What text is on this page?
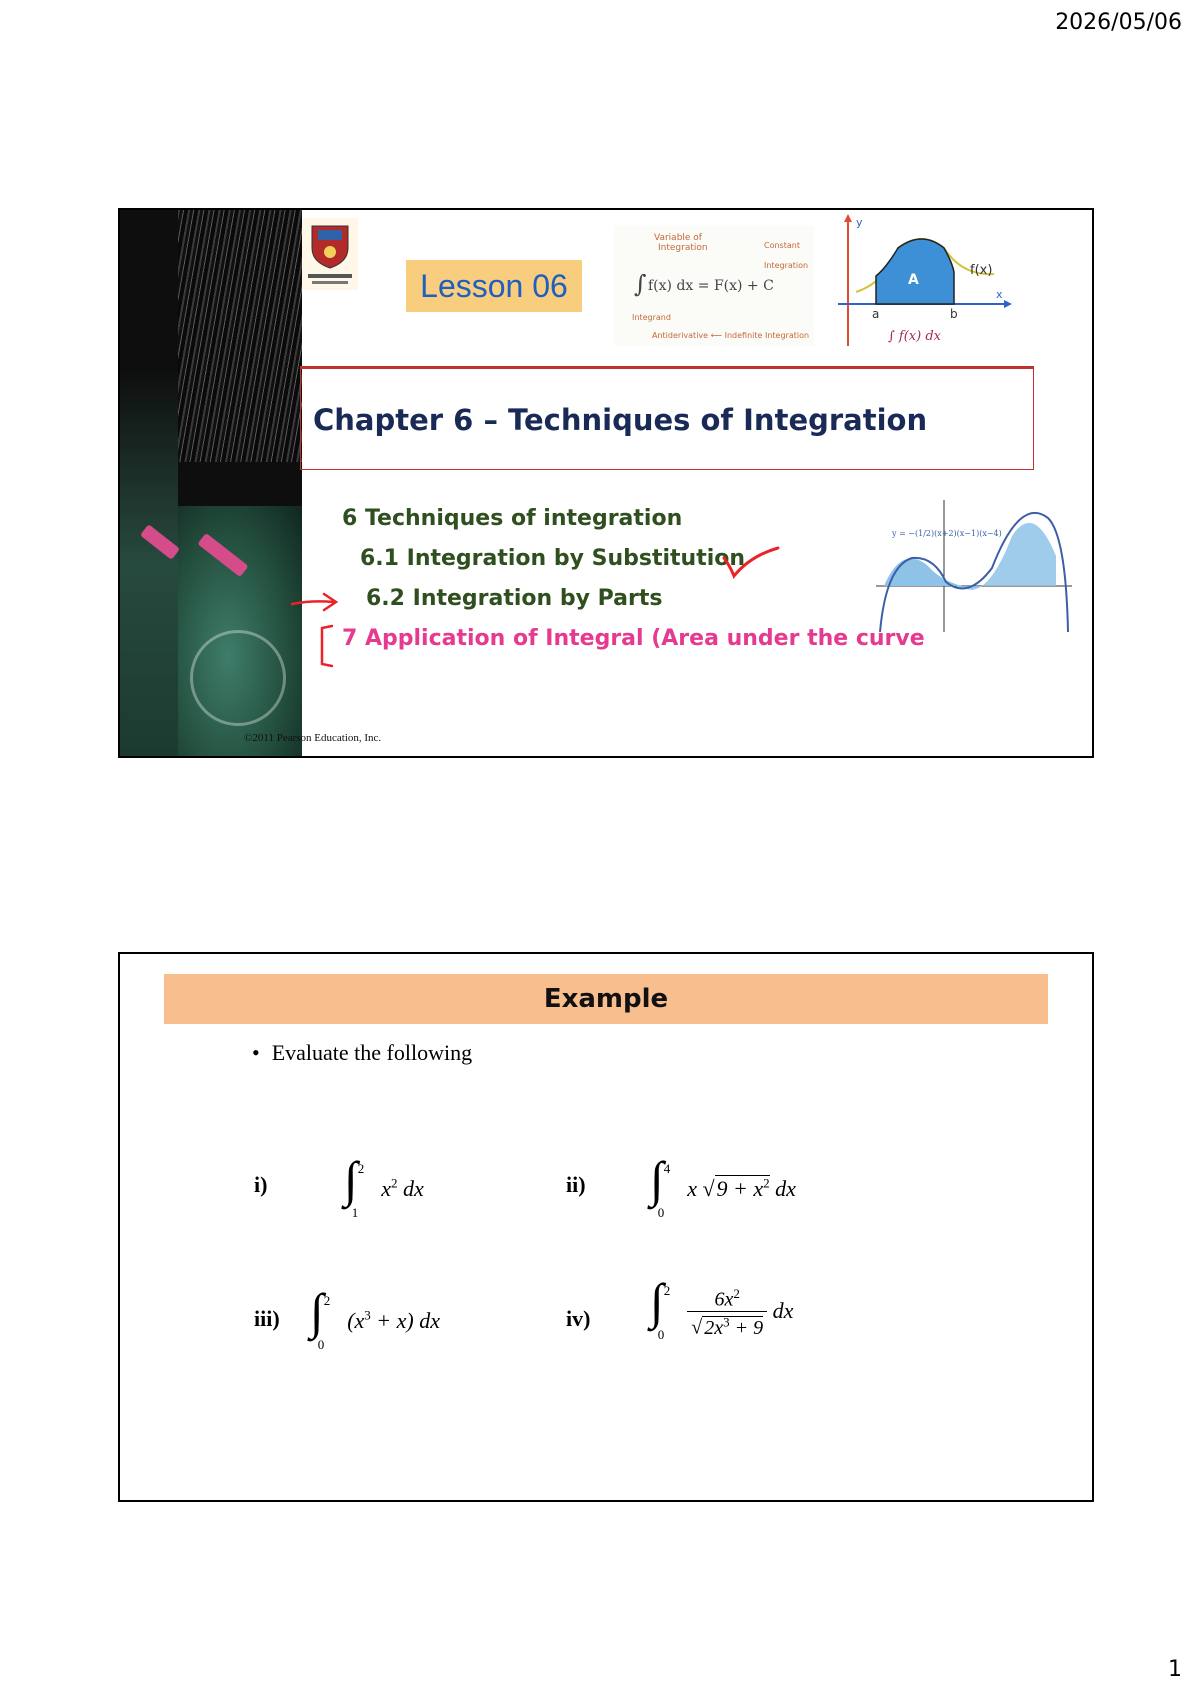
2026/05/06
Lesson 06
Variable of
Integration	Constant
Integration
∫ f(x) dx = F(x) + C
Integrand
Antiderivative ⟵ Indefinite Integration
y
x
A
f(x)
a	b
∫ f(x) dx
Chapter 6 – Techniques of Integration
6 Techniques of integration
6.1 Integration by Substitution
6.2 Integration by Parts
7 Application of Integral (Area under the curve
y = −(1/2)(x+2)(x−1)(x−4)
©2011 Pearson Education, Inc.
Example
• Evaluate the following
i) ∫ 2
1
$x^2$ dx	ii) ∫ 4
0
x $√9 + x^2$ dx
iii) ∫ 2
0
$(x^3 + x)$ dx	iv) ∫ 2
0
$\frac{6x^2}{√ 2x^3 + 9}$ dx
1
